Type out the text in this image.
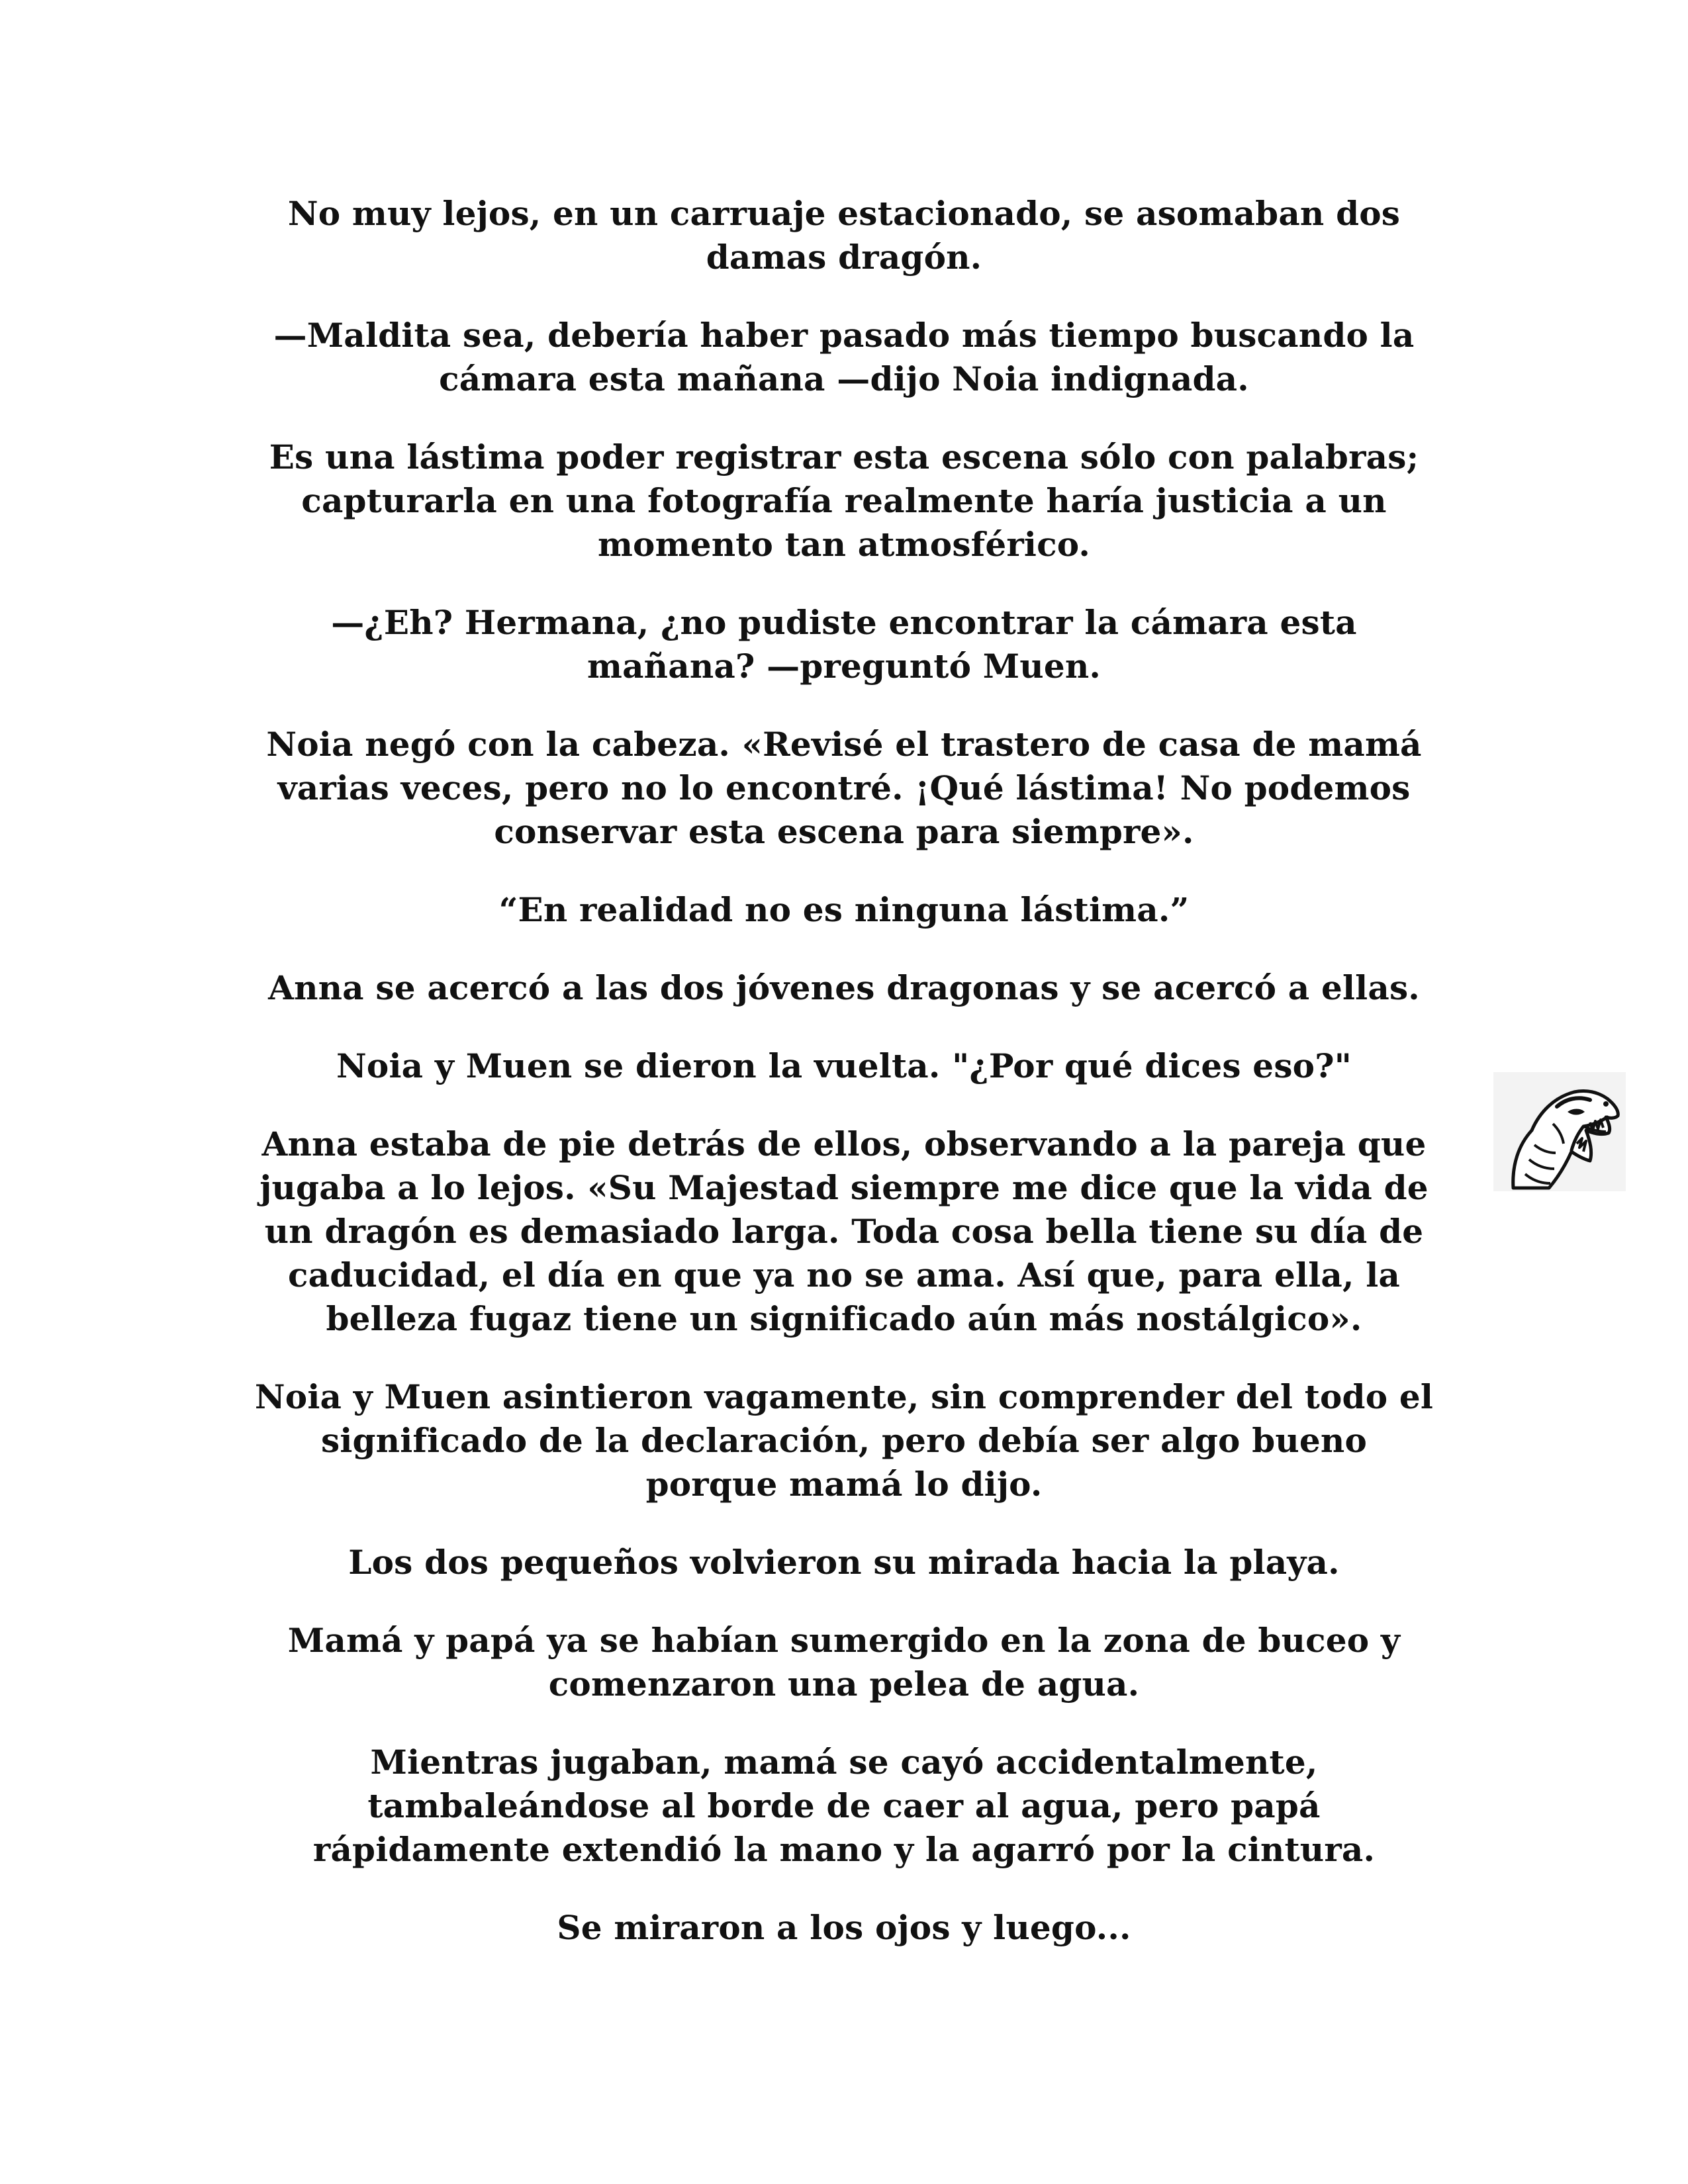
No muy lejos, en un carruaje estacionado, se asomaban dos
damas dragón.

—Maldita sea, debería haber pasado más tiempo buscando la
cámara esta mañana —dijo Noia indignada.

Es una lástima poder registrar esta escena sólo con palabras;
capturarla en una fotografía realmente haría justicia a un
momento tan atmosférico.

—¿Eh? Hermana, ¿no pudiste encontrar la cámara esta
mañana? —preguntó Muen.

Noia negó con la cabeza. «Revisé el trastero de casa de mamá
varias veces, pero no lo encontré. ¡Qué lástima! No podemos
conservar esta escena para siempre».

“En realidad no es ninguna lástima.”

Anna se acercó a las dos jóvenes dragonas y se acercó a ellas.

Noia y Muen se dieron la vuelta. "¿Por qué dices eso?"

Anna estaba de pie detrás de ellos, observando a la pareja que
jugaba a lo lejos. «Su Majestad siempre me dice que la vida de
un dragón es demasiado larga. Toda cosa bella tiene su día de
caducidad, el día en que ya no se ama. Así que, para ella, la
belleza fugaz tiene un significado aún más nostálgico».

Noia y Muen asintieron vagamente, sin comprender del todo el
significado de la declaración, pero debía ser algo bueno
porque mamá lo dijo.

Los dos pequeños volvieron su mirada hacia la playa.

Mamá y papá ya se habían sumergido en la zona de buceo y
comenzaron una pelea de agua.

Mientras jugaban, mamá se cayó accidentalmente,
tambaleándose al borde de caer al agua, pero papá
rápidamente extendió la mano y la agarró por la cintura.

Se miraron a los ojos y luego...
